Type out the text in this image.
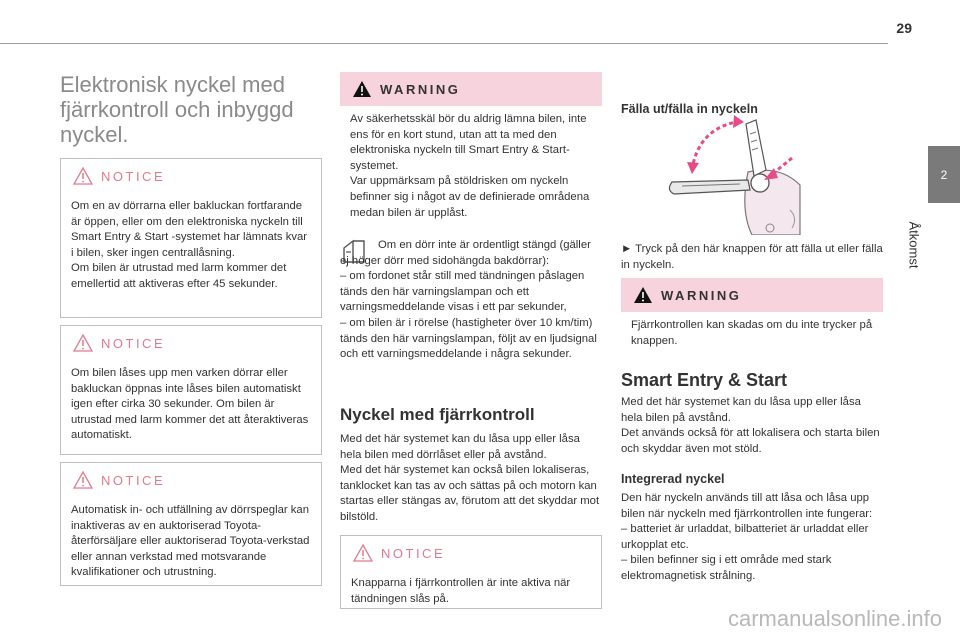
29
2
Åtkomst
Elektronisk nyckel med fjärrkontroll och inbyggd nyckel.
NOTICE
Om en av dörrarna eller bakluckan fortfarande är öppen, eller om den elektroniska nyckeln till Smart Entry & Start -systemet har lämnats kvar i bilen, sker ingen centrallåsning.
Om bilen är utrustad med larm kommer det emellertid att aktiveras efter 45 sekunder.
NOTICE
Om bilen låses upp men varken dörrar eller bakluckan öppnas inte låses bilen automatiskt igen efter cirka 30 sekunder. Om bilen är utrustad med larm kommer det att återaktiveras automatiskt.
NOTICE
Automatisk in- och utfällning av dörrspeglar kan inaktiveras av en auktoriserad Toyota-återförsäljare eller auktoriserad Toyota-verkstad eller annan verkstad med motsvarande kvalifikationer och utrustning.
WARNING
Av säkerhetsskäl bör du aldrig lämna bilen, inte ens för en kort stund, utan att ta med den elektroniska nyckeln till Smart Entry & Start-systemet.
Var uppmärksam på stöldrisken om nyckeln befinner sig i något av de definierade områdena medan bilen är upplåst.
Om en dörr inte är ordentligt stängd (gäller ej höger dörr med sidohängda bakdörrar):
– om fordonet står still med tändningen påslagen tänds den här varningslampan och ett varningsmeddelande visas i ett par sekunder,
– om bilen är i rörelse (hastigheter över 10 km/tim) tänds den här varningslampan, följt av en ljudsignal och ett varningsmeddelande i några sekunder.
Nyckel med fjärrkontroll
Med det här systemet kan du låsa upp eller låsa hela bilen med dörrlåset eller på avstånd.
Med det här systemet kan också bilen lokaliseras, tanklocket kan tas av och sättas på och motorn kan startas eller stängas av, förutom att det skyddar mot bilstöld.
NOTICE
Knapparna i fjärrkontrollen är inte aktiva när tändningen slås på.
Fälla ut/fälla in nyckeln
► Tryck på den här knappen för att fälla ut eller fälla in nyckeln.
WARNING
Fjärrkontrollen kan skadas om du inte trycker på knappen.
Smart Entry & Start
Med det här systemet kan du låsa upp eller låsa hela bilen på avstånd.
Det används också för att lokalisera och starta bilen och skyddar även mot stöld.
Integrerad nyckel
Den här nyckeln används till att låsa och låsa upp bilen när nyckeln med fjärrkontrollen inte fungerar:
– batteriet är urladdat, bilbatteriet är urladdat eller urkopplat etc.
– bilen befinner sig i ett område med stark elektromagnetisk strålning.
carmanualsonline.info
